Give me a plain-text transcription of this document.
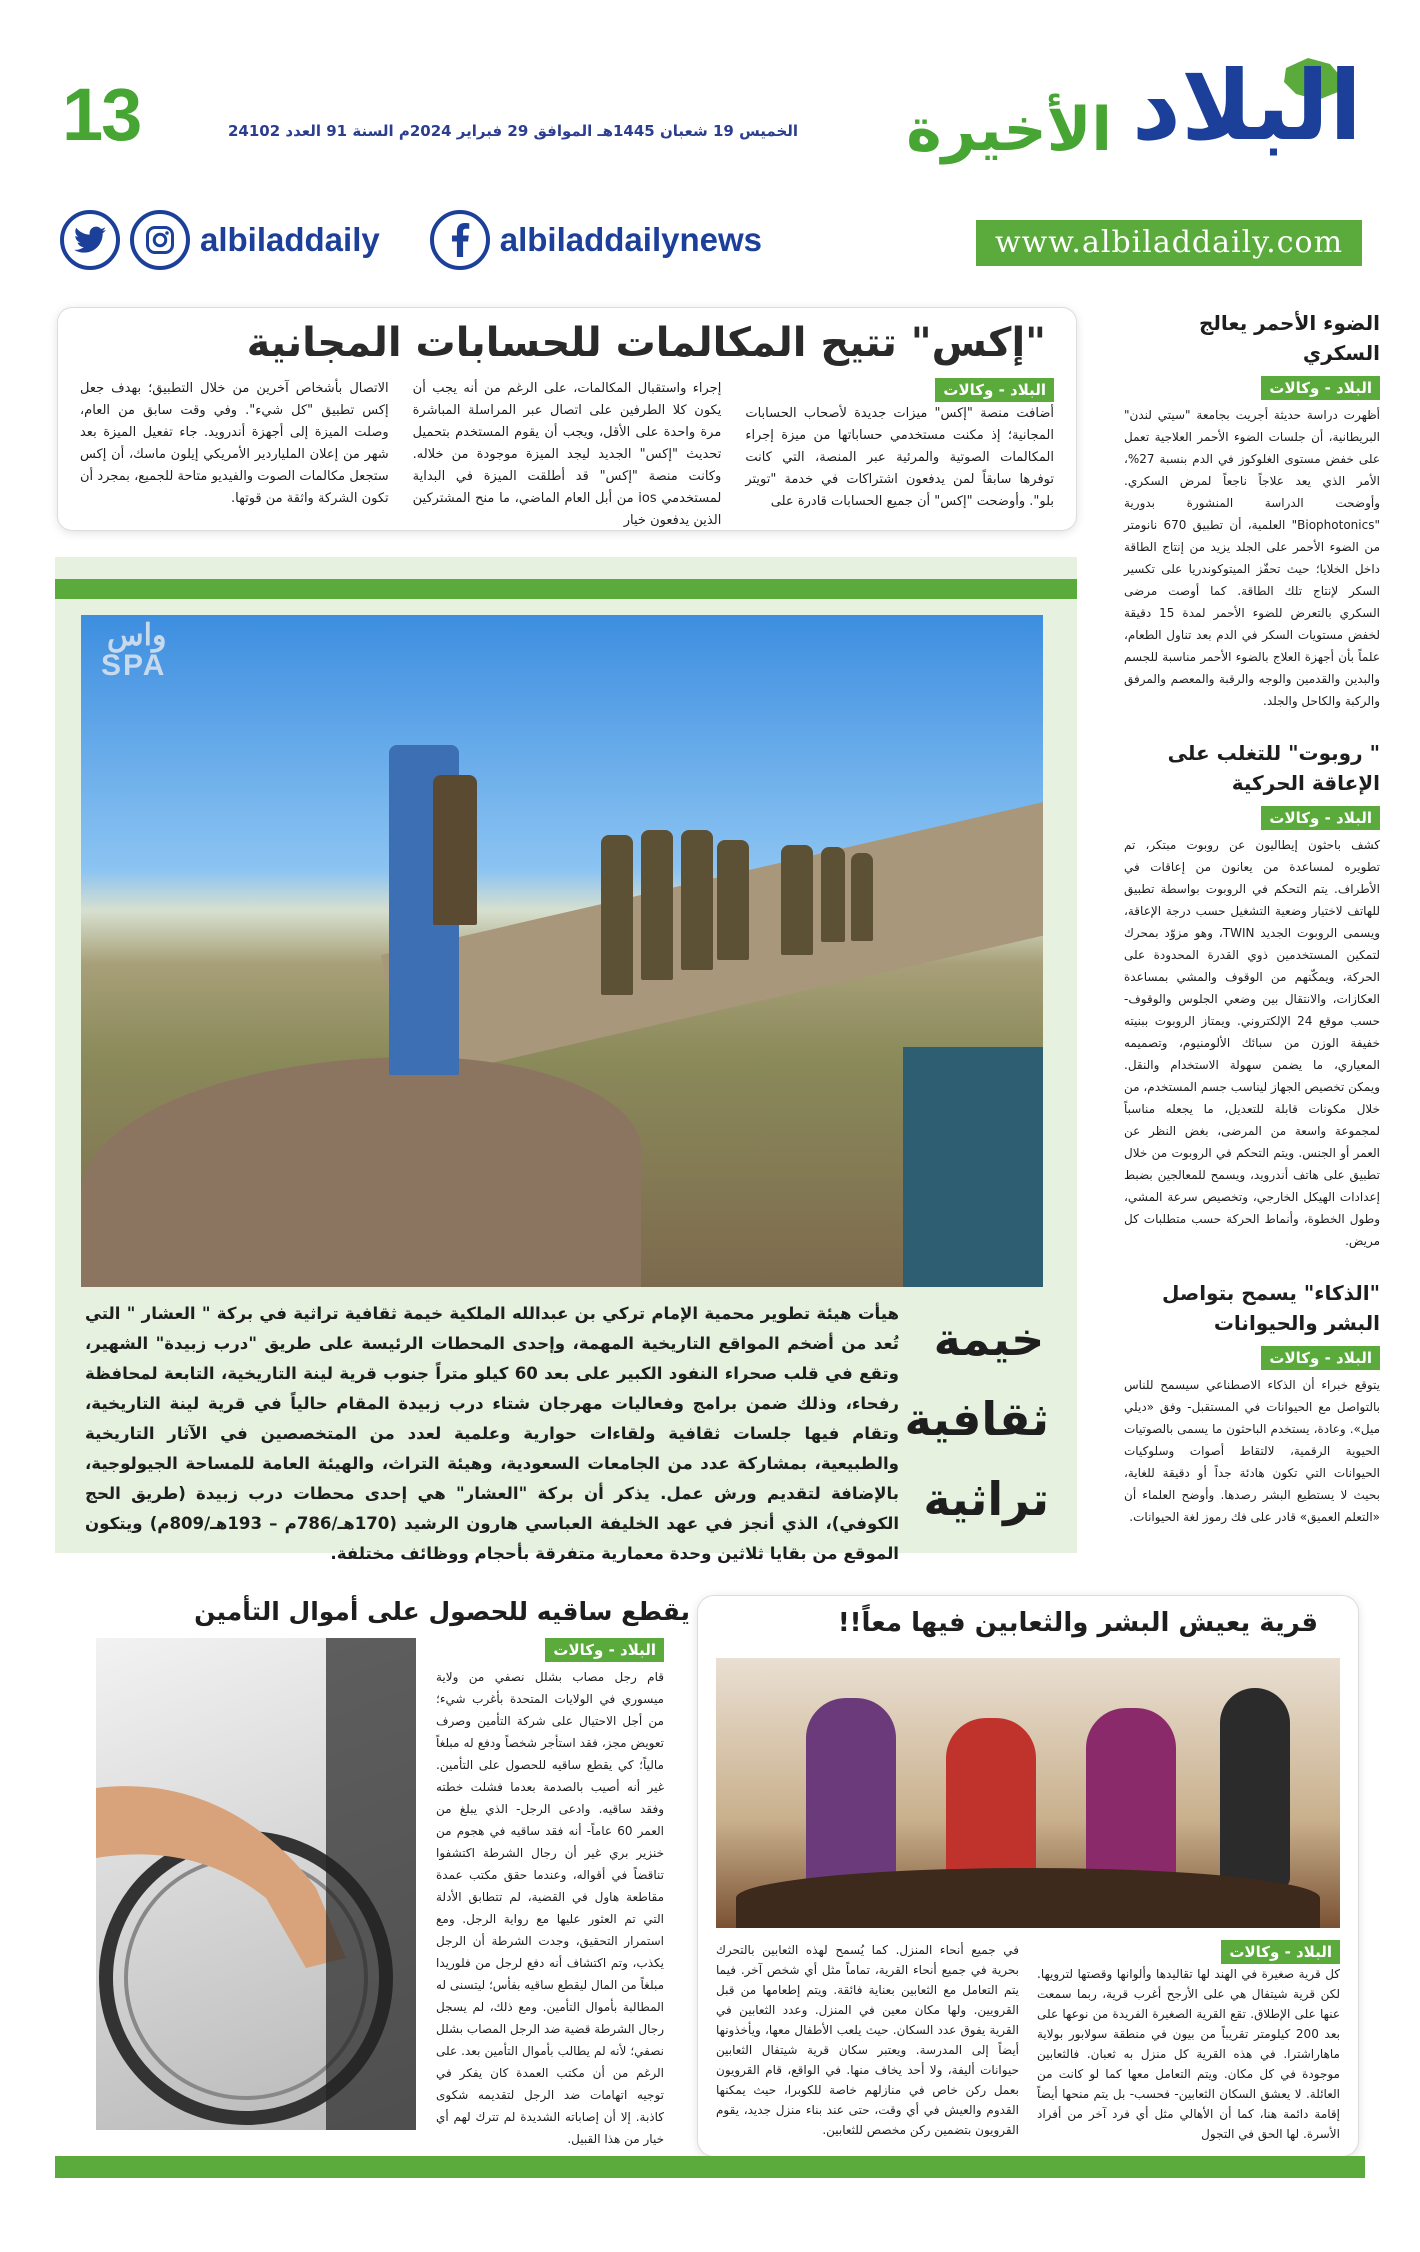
البلاد
الأخيرة
13	الخميس 19 شعبان 1445هـ الموافق 29 فبراير 2024م السنة 91 العدد 24102
www.albiladdaily.com
albiladdaily	albiladdailynews
"إكس" تتيح المكالمات للحسابات المجانية
البلاد - وكالات
أضافت منصة "إكس" ميزات جديدة لأصحاب الحسابات المجانية؛ إذ مكنت مستخدمي حساباتها من ميزة إجراء المكالمات الصوتية والمرئية عبر المنصة، التي كانت توفرها سابقاً لمن يدفعون اشتراكات في خدمة "تويتر بلو". وأوضحت "إكس" أن جميع الحسابات قادرة على
إجراء واستقبال المكالمات، على الرغم من أنه يجب أن يكون كلا الطرفين على اتصال عبر المراسلة المباشرة مرة واحدة على الأقل، ويجب أن يقوم المستخدم بتحميل تحديث "إكس" الجديد ليجد الميزة موجودة من خلاله. وكانت منصة "إكس" قد أطلقت الميزة في البداية لمستخدمي ios من أبل العام الماضي، ما منح المشتركين الذين يدفعون خيار
الاتصال بأشخاص آخرين من خلال التطبيق؛ بهدف جعل إكس تطبيق "كل شيء". وفي وقت سابق من العام، وصلت الميزة إلى أجهزة أندرويد. جاء تفعيل الميزة بعد شهر من إعلان الملياردير الأمريكي إيلون ماسك، أن إكس ستجعل مكالمات الصوت والفيديو متاحة للجميع، بمجرد أن تكون الشركة واثقة من قوتها.
واس
SPA
خيمة
ثقافية
تراثية
هيأت هيئة تطوير محمية الإمام تركي بن عبدالله الملكية خيمة ثقافية تراثية في بركة " العشار " التي تُعد من أضخم المواقع التاريخية المهمة، وإحدى المحطات الرئيسة على طريق "درب زبيدة" الشهير، وتقع في قلب صحراء النفود الكبير على بعد 60 كيلو متراً جنوب قرية لينة التاريخية، التابعة لمحافظة رفحاء، وذلك ضمن برامج وفعاليات مهرجان شتاء درب زبيدة المقام حالياً في قرية لينة التاريخية، وتقام فيها جلسات ثقافية ولقاءات حوارية وعلمية لعدد من المتخصصين في الآثار التاريخية والطبيعية، بمشاركة عدد من الجامعات السعودية، وهيئة التراث، والهيئة العامة للمساحة الجيولوجية، بالإضافة لتقديم ورش عمل. يذكر أن بركة "العشار" هي إحدى محطات درب زبيدة (طريق الحج الكوفي)، الذي أنجز في عهد الخليفة العباسي هارون الرشيد (170هـ/786م – 193هـ/809م) ويتكون الموقع من بقايا ثلاثين وحدة معمارية متفرقة بأحجام ووظائف مختلفة.
الضوء الأحمر يعالج السكري
البلاد - وكالات
أظهرت دراسة حديثة أجريت بجامعة "سيتي لندن" البريطانية، أن جلسات الضوء الأحمر العلاجية تعمل على خفض مستوى الغلوكوز في الدم بنسبة 27%، الأمر الذي يعد علاجاً ناجعاً لمرض السكري. وأوضحت الدراسة المنشورة بدورية "Biophotonics" العلمية، أن تطبيق 670 نانومتر من الضوء الأحمر على الجلد يزيد من إنتاج الطاقة داخل الخلايا؛ حيث تحفّز الميتوكوندريا على تكسير السكر لإنتاج تلك الطاقة. كما أوصت مرضى السكري بالتعرض للضوء الأحمر لمدة 15 دقيقة لخفض مستويات السكر في الدم بعد تناول الطعام، علماً بأن أجهزة العلاج بالضوء الأحمر مناسبة للجسم والبدين والقدمين والوجه والرقبة والمعصم والمرفق والركبة والكاحل والجلد.
" روبوت" للتغلب على الإعاقة الحركية
البلاد - وكالات
كشف باحثون إيطاليون عن روبوت مبتكر، تم تطويره لمساعدة من يعانون من إعاقات في الأطراف. يتم التحكم في الروبوت بواسطة تطبيق للهاتف لاختيار وضعية التشغيل حسب درجة الإعاقة، ويسمى الروبوت الجديد TWIN، وهو مزوّد بمحرك لتمكين المستخدمين ذوي القدرة المحدودة على الحركة، ويمكّنهم من الوقوف والمشي بمساعدة العكازات، والانتقال بين وضعي الجلوس والوقوف- حسب موقع 24 الإلكتروني. ويمتاز الروبوت ببنيته خفيفة الوزن من سبائك الألومنيوم، وتصميمه المعياري، ما يضمن سهولة الاستخدام والنقل. ويمكن تخصيص الجهاز ليناسب جسم المستخدم، من خلال مكونات قابلة للتعديل، ما يجعله مناسباً لمجموعة واسعة من المرضى، بغض النظر عن العمر أو الجنس. ويتم التحكم في الروبوت من خلال تطبيق على هاتف أندرويد، ويسمح للمعالجين بضبط إعدادات الهيكل الخارجي، وتخصيص سرعة المشي، وطول الخطوة، وأنماط الحركة حسب متطلبات كل مريض.
"الذكاء" يسمح بتواصل البشر والحيوانات
البلاد - وكالات
يتوقع خبراء أن الذكاء الاصطناعي سيسمح للناس بالتواصل مع الحيوانات في المستقبل- وفق «ديلي ميل». وعادة، يستخدم الباحثون ما يسمى بالصوتيات الحيوية الرقمية، لالتقاط أصوات وسلوكيات الحيوانات التي تكون هادئة جداً أو دقيقة للغاية، بحيث لا يستطيع البشر رصدها. وأوضح العلماء أن «التعلم العميق» قادر على فك رموز لغة الحيوانات.
قرية يعيش البشر والثعابين فيها معاً!!
البلاد - وكالات
كل قرية صغيرة في الهند لها تقاليدها وألوانها وقصتها لترويها. لكن قرية شيتفال هي على الأرجح أغرب قرية، ربما سمعت عنها على الإطلاق. تقع القرية الصغيرة الفريدة من نوعها على بعد 200 كيلومتر تقريباً من بيون في منطقة سولابور بولاية ماهاراشترا. في هذه القرية كل منزل به ثعبان. فالثعابين موجودة في كل مكان. ويتم التعامل معها كما لو كانت من العائلة. لا يعشق السكان الثعابين- فحسب- بل يتم منحها أيضاً إقامة دائمة هنا، كما أن الأهالي مثل أي فرد آخر من أفراد الأسرة. لها الحق في التجول
في جميع أنحاء المنزل. كما يُسمح لهذه الثعابين بالتحرك بحرية في جميع أنحاء القرية، تماماً مثل أي شخص آخر. فيما يتم التعامل مع الثعابين بعناية فائقة. ويتم إطعامها من قبل القرويين. ولها مكان معين في المنزل. وعدد الثعابين في القرية يفوق عدد السكان. حيث يلعب الأطفال معها، ويأخذونها أيضاً إلى المدرسة. ويعتبر سكان قرية شيتفال الثعابين حيوانات أليفة، ولا أحد يخاف منها. في الواقع، قام القرويون بعمل ركن خاص في منازلهم خاصة للكوبرا، حيث يمكنها القدوم والعيش في أي وقت، حتى عند بناء منزل جديد، يقوم القرويون بتضمين ركن مخصص للثعابين.
يقطع ساقيه للحصول على أموال التأمين
البلاد - وكالات
قام رجل مصاب بشلل نصفي من ولاية ميسوري في الولايات المتحدة بأغرب شيء؛ من أجل الاحتيال على شركة التأمين وصرف تعويض مجز، فقد استأجر شخصاً ودفع له مبلغاً مالياً؛ كي يقطع ساقيه للحصول على التأمين. غير أنه أصيب بالصدمة بعدما فشلت خطته وفقد ساقيه. وادعى الرجل- الذي يبلغ من العمر 60 عاماً- أنه فقد ساقيه في هجوم من خنزير بري غير أن رجال الشرطة اكتشفوا تناقضاً في أقواله، وعندما حقق مكتب عمدة مقاطعة هاول في القضية، لم تتطابق الأدلة التي تم العثور عليها مع رواية الرجل. ومع استمرار التحقيق، وجدت الشرطة أن الرجل يكذب، وتم اكتشاف أنه دفع لرجل من فلوريدا مبلغاً من المال ليقطع ساقيه بفأس؛ ليتسنى له المطالبة بأموال التأمين. ومع ذلك، لم يسجل رجال الشرطة قضية ضد الرجل المصاب بشلل نصفي؛ لأنه لم يطالب بأموال التأمين بعد. على الرغم من أن مكتب العمدة كان يفكر في توجيه اتهامات ضد الرجل لتقديمه شكوى كاذبة. إلا أن إصاباته الشديدة لم تترك لهم أي خيار من هذا القبيل.
